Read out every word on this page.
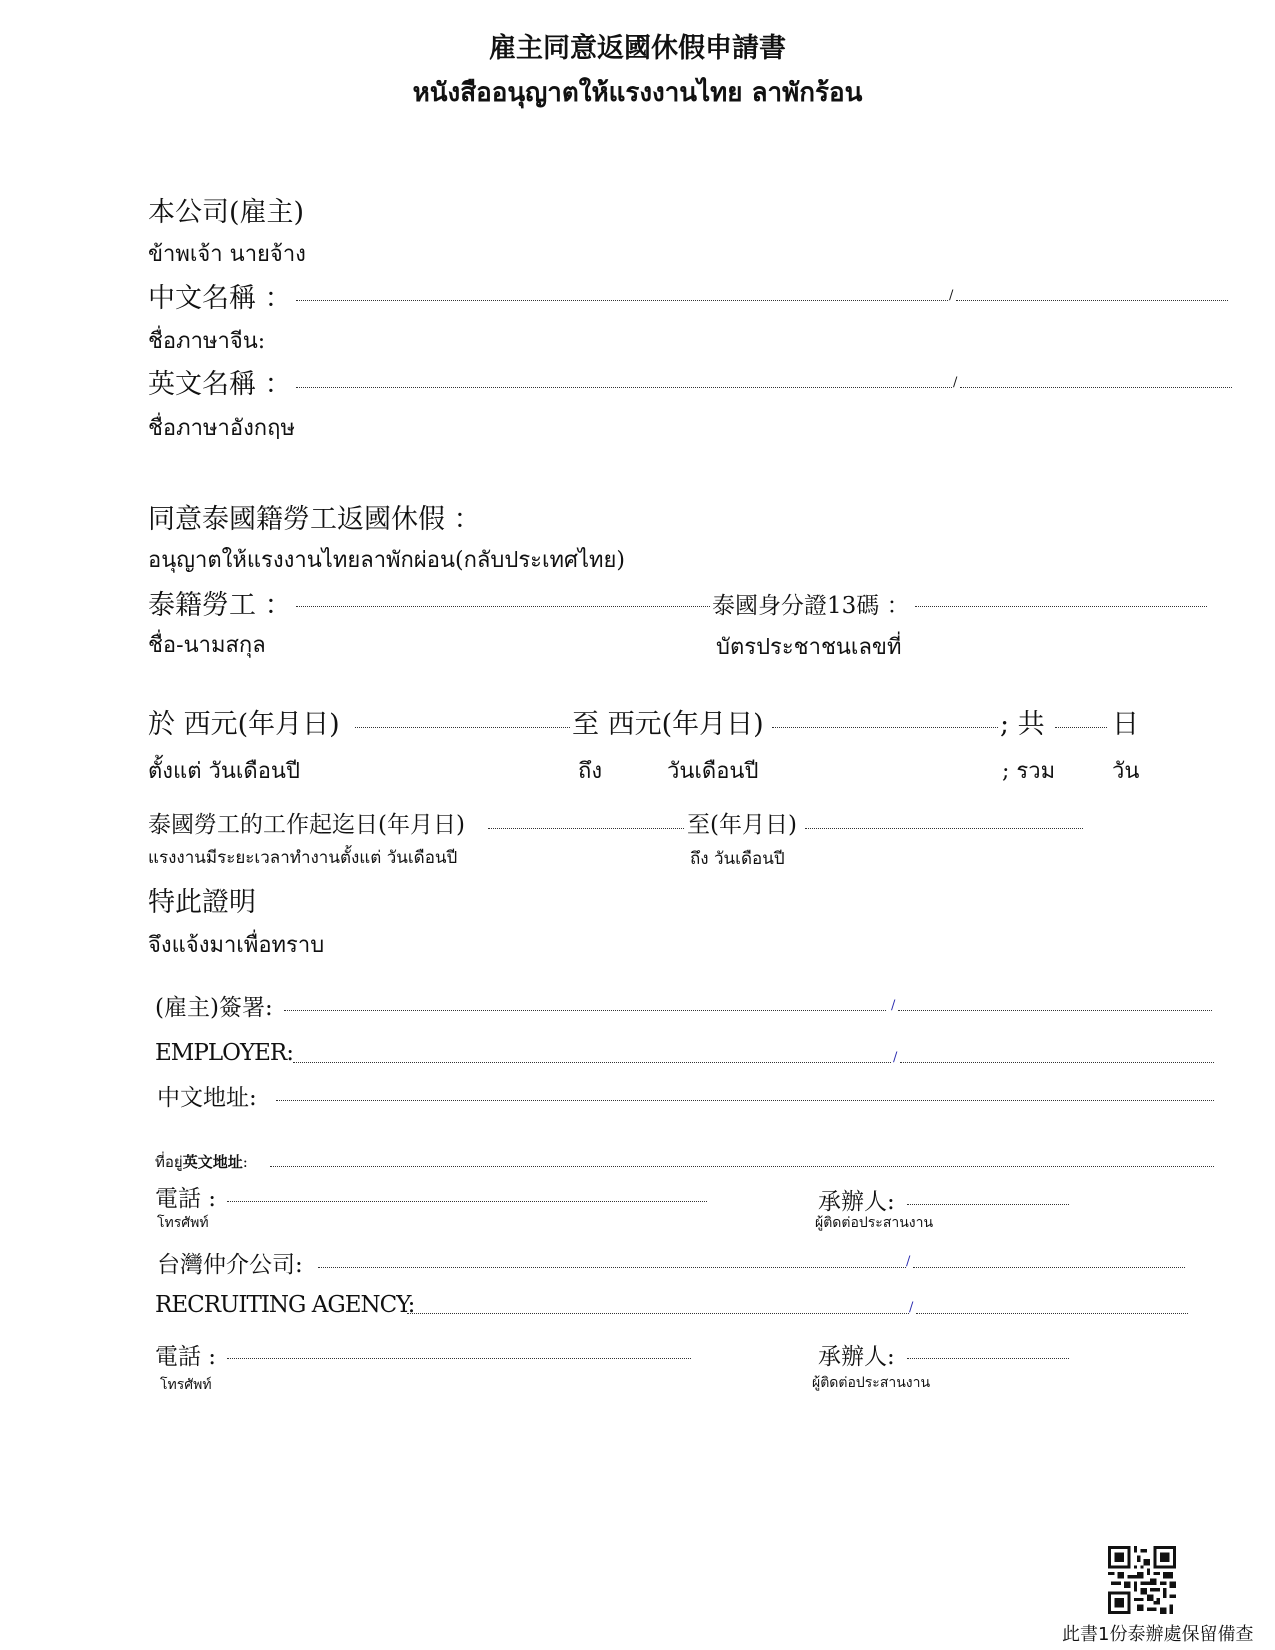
雇主同意返國休假申請書
หนังสืออนุญาตให้แรงงานไทย ลาพักร้อน
本公司(雇主)
ข้าพเจ้า นายจ้าง
中文名稱 ：	/
ชื่อภาษาจีน:
英文名稱 ：	/
ชื่อภาษาอังกฤษ
同意泰國籍勞工返國休假 ：
อนุญาตให้แรงงานไทยลาพักผ่อน(กลับประเทศไทย)
泰籍勞工 ：	泰國身分證13碼 ：
ชื่อ-นามสกุล	บัตรประชาชนเลขที่
於 西元(年月日)	至 西元(年月日)	; 共 日
ตั้งแต่ วันเดือนปี	ถึง	วันเดือนปี	; รวม	วัน
泰國勞工的工作起迄日(年月日)	至(年月日)
แรงงานมีระยะเวลาทำงานตั้งแต่ วันเดือนปี	ถึง วันเดือนปี
特此證明
จึงแจ้งมาเพื่อทราบ
(雇主)簽署:	/
EMPLOYER:	/
中文地址:
ที่อยู่英文地址:
電話 :
โทรศัพท์
承辦人:
ผู้ติดต่อประสานงาน
台灣仲介公司:	/
RECRUITING AGENCY:	/
電話 :
โทรศัพท์
承辦人:
ผู้ติดต่อประสานงาน
此書1份泰辦處保留備查
